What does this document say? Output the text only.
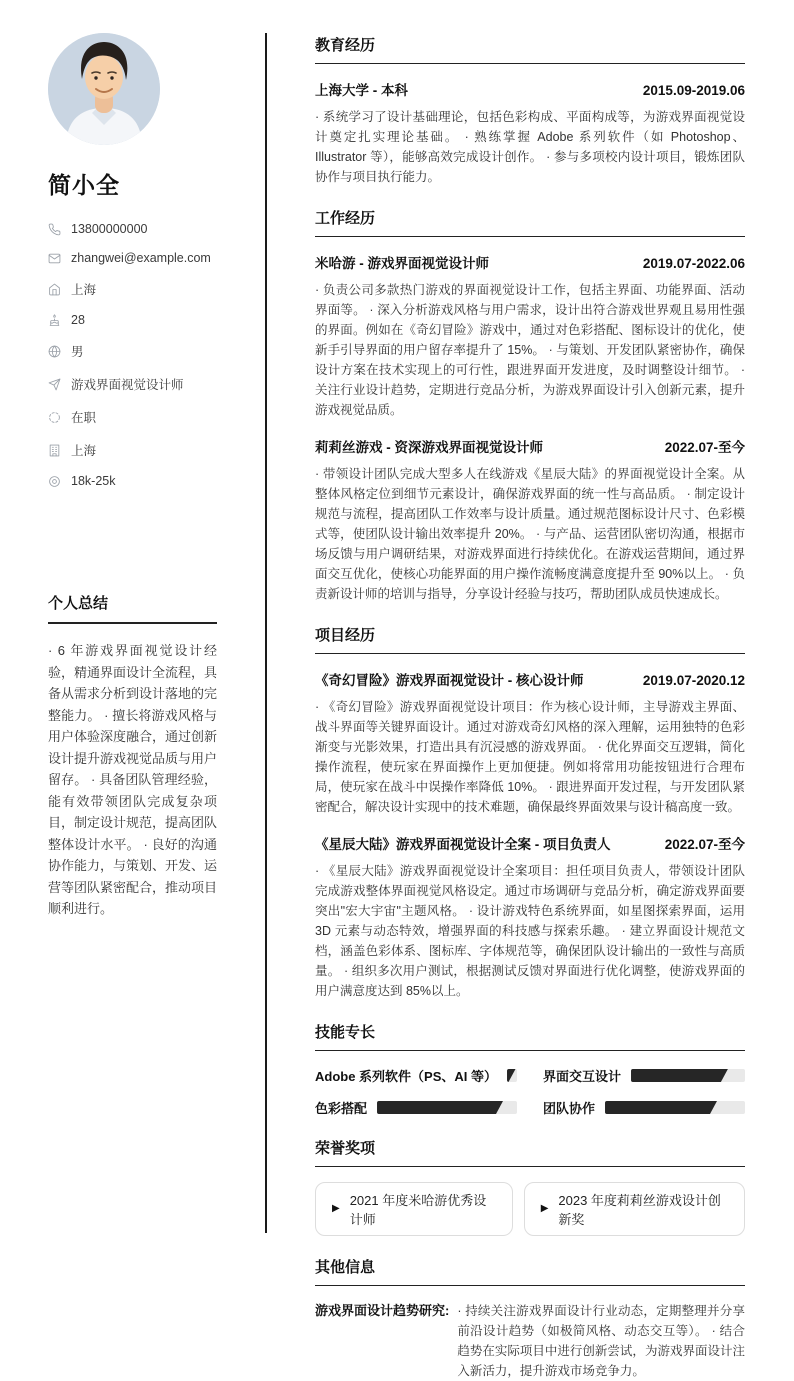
简小全
13800000000
zhangwei@example.com
上海
28
男
游戏界面视觉设计师
在职
上海
18k-25k
个人总结

· 6 年游戏界面视觉设计经验，精通界面设计全流程，具备从需求分析到设计落地的完整能力。 · 擅长将游戏风格与用户体验深度融合，通过创新设计提升游戏视觉品质与用户留存。 · 具备团队管理经验，能有效带领团队完成复杂项目，制定设计规范，提高团队整体设计水平。 · 良好的沟通协作能力，与策划、开发、运营等团队紧密配合，推动项目顺利进行。

教育经历
上海大学 - 本科	2015.09-2019.06

· 系统学习了设计基础理论，包括色彩构成、平面构成等，为游戏界面视觉设计奠定扎实理论基础。 · 熟练掌握 Adobe 系列软件（如 Photoshop、Illustrator 等），能够高效完成设计创作。 · 参与多项校内设计项目，锻炼团队协作与项目执行能力。

工作经历
米哈游 - 游戏界面视觉设计师	2019.07-2022.06

· 负责公司多款热门游戏的界面视觉设计工作，包括主界面、功能界面、活动界面等。 · 深入分析游戏风格与用户需求，设计出符合游戏世界观且易用性强的界面。例如在《奇幻冒险》游戏中，通过对色彩搭配、图标设计的优化，使新手引导界面的用户留存率提升了 15%。 · 与策划、开发团队紧密协作，确保设计方案在技术实现上的可行性，跟进界面开发进度，及时调整设计细节。 · 关注行业设计趋势，定期进行竞品分析，为游戏界面设计引入创新元素，提升游戏视觉品质。

莉莉丝游戏 - 资深游戏界面视觉设计师	2022.07-至今

· 带领设计团队完成大型多人在线游戏《星辰大陆》的界面视觉设计全案。从整体风格定位到细节元素设计，确保游戏界面的统一性与高品质。 · 制定设计规范与流程，提高团队工作效率与设计质量。通过规范图标设计尺寸、色彩模式等，使团队设计输出效率提升 20%。 · 与产品、运营团队密切沟通，根据市场反馈与用户调研结果，对游戏界面进行持续优化。在游戏运营期间，通过界面交互优化，使核心功能界面的用户操作流畅度满意度提升至 90%以上。 · 负责新设计师的培训与指导，分享设计经验与技巧，帮助团队成员快速成长。

项目经历
《奇幻冒险》游戏界面视觉设计 - 核心设计师	2019.07-2020.12

· 《奇幻冒险》游戏界面视觉设计项目：作为核心设计师，主导游戏主界面、战斗界面等关键界面设计。通过对游戏奇幻风格的深入理解，运用独特的色彩渐变与光影效果，打造出具有沉浸感的游戏界面。 · 优化界面交互逻辑，简化操作流程，使玩家在界面操作上更加便捷。例如将常用功能按钮进行合理布局，使玩家在战斗中误操作率降低 10%。 · 跟进界面开发过程，与开发团队紧密配合，解决设计实现中的技术难题，确保最终界面效果与设计稿高度一致。

《星辰大陆》游戏界面视觉设计全案 - 项目负责人	2022.07-至今

· 《星辰大陆》游戏界面视觉设计全案项目：担任项目负责人，带领设计团队完成游戏整体界面视觉风格设定。通过市场调研与竞品分析，确定游戏界面要突出"宏大宇宙"主题风格。 · 设计游戏特色系统界面，如星图探索界面，运用 3D 元素与动态特效，增强界面的科技感与探索乐趣。 · 建立界面设计规范文档，涵盖色彩体系、图标库、字体规范等，确保团队设计输出的一致性与高质量。 · 组织多次用户测试，根据测试反馈对界面进行优化调整，使游戏界面的用户满意度达到 85%以上。

技能专长
Adobe 系列软件（PS、AI 等）	界面交互设计
色彩搭配	团队协作
荣誉奖项
▶
2021 年度米哈游优秀设计师
▶
2023 年度莉莉丝游戏设计创新奖
其他信息
游戏界面设计趋势研究: · 持续关注游戏界面设计行业动态，定期整理并分享前沿设计趋势（如极简风格、动态交互等）。 · 结合趋势在实际项目中进行创新尝试，为游戏界面设计注入新活力，提升游戏市场竞争力。
